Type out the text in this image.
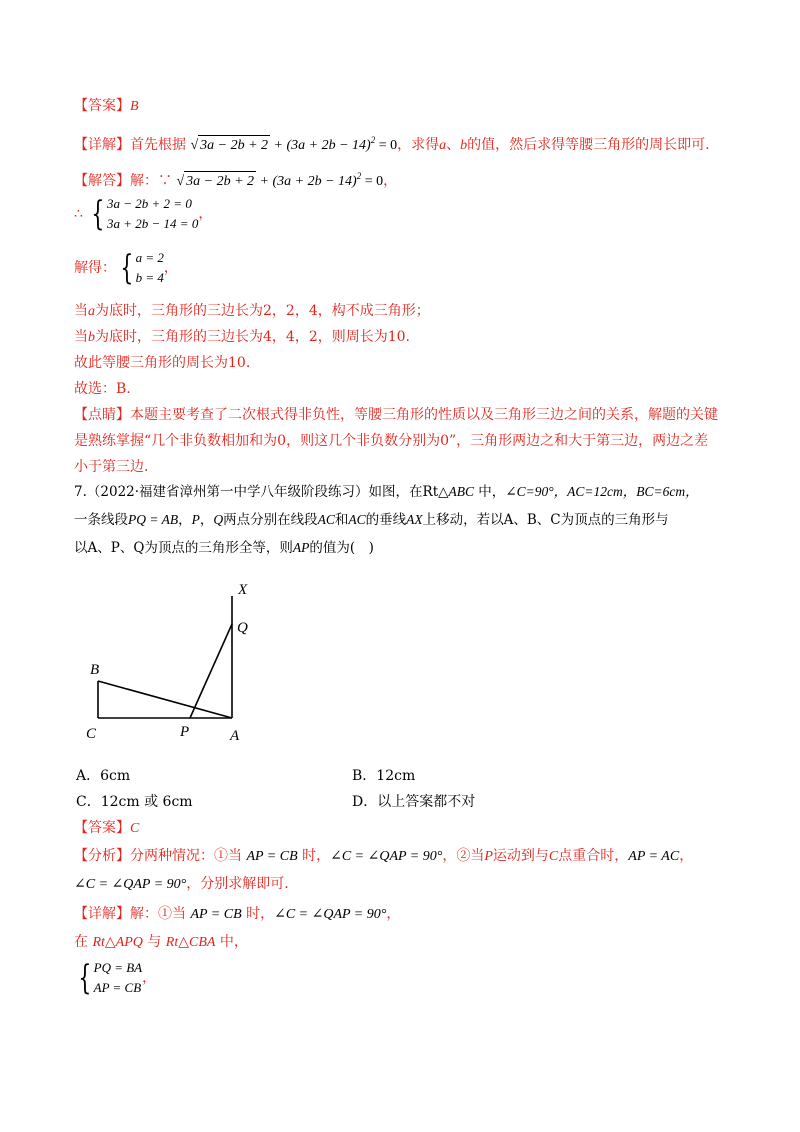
【答案】B
【详解】首先根据 √ $3a - 2b + 2 + (3a + 2b - 14)^2 = 0$，求得a、b的值，然后求得等腰三角形的周长即可.
【解答】解：∵ √ $3a - 2b + 2 + (3a + 2b - 14)^2 = 0$，
∴ { 3a − 2b + 2 = 0
3a + 2b − 14 = 0，
解得： { a = 2
b = 4，
当a为底时，三角形的三边长为2，2，4，构不成三角形；
当b为底时，三角形的三边长为4，4，2，则周长为10.
故此等腰三角形的周长为10.
故选：B.
【点睛】本题主要考查了二次根式得非负性，等腰三角形的性质以及三角形三边之间的关系，解题的关键
是熟练掌握“几个非负数相加和为0，则这几个非负数分别为0”，三角形两边之和大于第三边，两边之差
小于第三边.
7.（2022·福建省漳州第一中学八年级阶段练习）如图，在Rt△ABC 中，∠C=90°，AC=12cm，BC=6cm，
一条线段PQ = AB，P，Q两点分别在线段AC和AC的垂线AX上移动，若以A、B、C为顶点的三角形与
以A、P、Q为顶点的三角形全等，则AP的值为(　)
X
Q
B
C	P	A
A．6cm	B．12cm
C．12cm 或 6cm	D．以上答案都不对
【答案】C
【分析】分两种情况：①当 AP = CB 时，∠C = ∠QAP = 90°，②当P运动到与C点重合时，AP = AC，
∠C = ∠QAP = 90°，分别求解即可.
【详解】解：①当 AP = CB 时，∠C = ∠QAP = 90°，
在 Rt△APQ 与 Rt△CBA 中，
{ PQ = BA
AP = CB，
